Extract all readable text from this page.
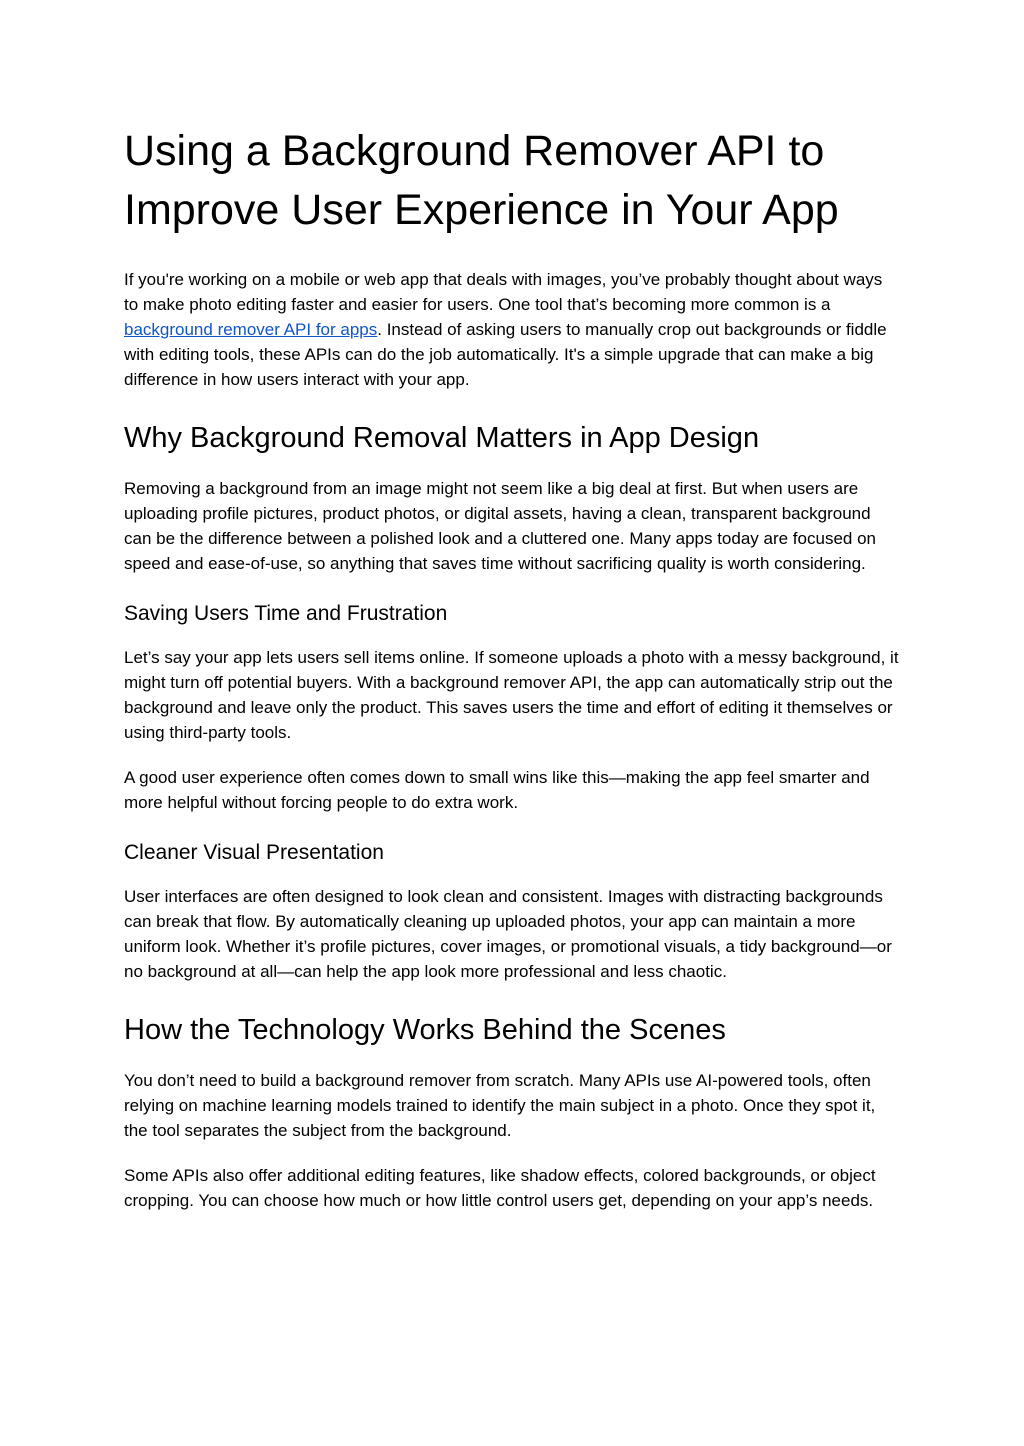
Using a Background Remover API to Improve User Experience in Your App

If you're working on a mobile or web app that deals with images, you’ve probably thought about ways to make photo editing faster and easier for users. One tool that’s becoming more common is a background remover API for apps. Instead of asking users to manually crop out backgrounds or fiddle with editing tools, these APIs can do the job automatically. It's a simple upgrade that can make a big difference in how users interact with your app.

Why Background Removal Matters in App Design

Removing a background from an image might not seem like a big deal at first. But when users are uploading profile pictures, product photos, or digital assets, having a clean, transparent background can be the difference between a polished look and a cluttered one. Many apps today are focused on speed and ease-of-use, so anything that saves time without sacrificing quality is worth considering.

Saving Users Time and Frustration

Let’s say your app lets users sell items online. If someone uploads a photo with a messy background, it might turn off potential buyers. With a background remover API, the app can automatically strip out the background and leave only the product. This saves users the time and effort of editing it themselves or using third-party tools.

A good user experience often comes down to small wins like this—making the app feel smarter and more helpful without forcing people to do extra work.

Cleaner Visual Presentation

User interfaces are often designed to look clean and consistent. Images with distracting backgrounds can break that flow. By automatically cleaning up uploaded photos, your app can maintain a more uniform look. Whether it’s profile pictures, cover images, or promotional visuals, a tidy background—or no background at all—can help the app look more professional and less chaotic.

How the Technology Works Behind the Scenes

You don’t need to build a background remover from scratch. Many APIs use AI-powered tools, often relying on machine learning models trained to identify the main subject in a photo. Once they spot it, the tool separates the subject from the background.

Some APIs also offer additional editing features, like shadow effects, colored backgrounds, or object cropping. You can choose how much or how little control users get, depending on your app’s needs.
